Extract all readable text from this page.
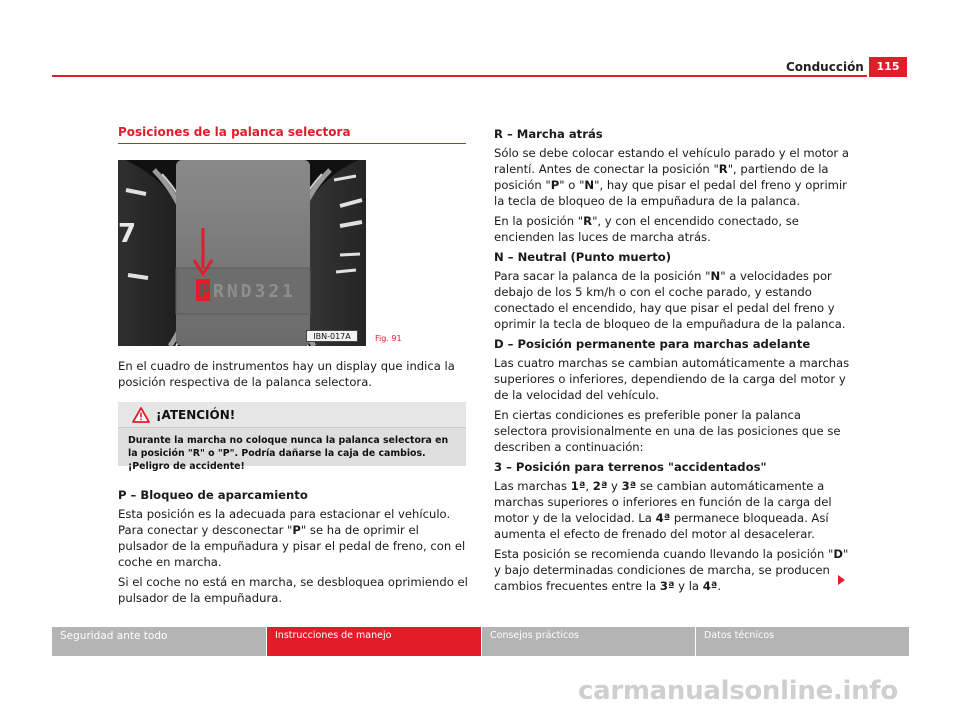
Conducción	115
Posiciones de la palanca selectora
7
P RND321
IBN-017A	Fig. 91

En el cuadro de instrumentos hay un display que indica la posición respectiva de la palanca selectora.

¡ATENCIÓN!

Durante la marcha no coloque nunca la palanca selectora en la posición "R" o "P". Podría dañarse la caja de cambios. ¡Peligro de accidente!

P – Bloqueo de aparcamiento

Esta posición es la adecuada para estacionar el vehículo. Para conectar y desconectar "P" se ha de oprimir el pulsador de la empuñadura y pisar el pedal de freno, con el coche en marcha.

Si el coche no está en marcha, se desbloquea oprimiendo el pulsador de la empuñadura.

R – Marcha atrás

Sólo se debe colocar estando el vehículo parado y el motor a ralentí. Antes de conectar la posición "R", partiendo de la posición "P" o "N", hay que pisar el pedal del freno y oprimir la tecla de bloqueo de la empuñadura de la palanca.

En la posición "R", y con el encendido conectado, se encienden las luces de marcha atrás.

N – Neutral (Punto muerto)

Para sacar la palanca de la posición "N" a velocidades por debajo de los 5 km/h o con el coche parado, y estando conectado el encendido, hay que pisar el pedal del freno y oprimir la tecla de bloqueo de la empuñadura de la palanca.

D – Posición permanente para marchas adelante

Las cuatro marchas se cambian automáticamente a marchas superiores o inferiores, dependiendo de la carga del motor y de la velocidad del vehículo.

En ciertas condiciones es preferible poner la palanca selectora provisionalmente en una de las posiciones que se describen a continuación:

3 – Posición para terrenos "accidentados"

Las marchas 1ª, 2ª y 3ª se cambian automáticamente a marchas superiores o inferiores en función de la carga del motor y de la velocidad. La 4ª permanece bloqueada. Así aumenta el efecto de frenado del motor al desacelerar.

Esta posición se recomienda cuando llevando la posición "D" y bajo determinadas condiciones de marcha, se producen cambios frecuentes entre la 3ª y la 4ª.

Seguridad ante todo	Instrucciones de manejo	Consejos prácticos	Datos técnicos
carmanualsonline.info
